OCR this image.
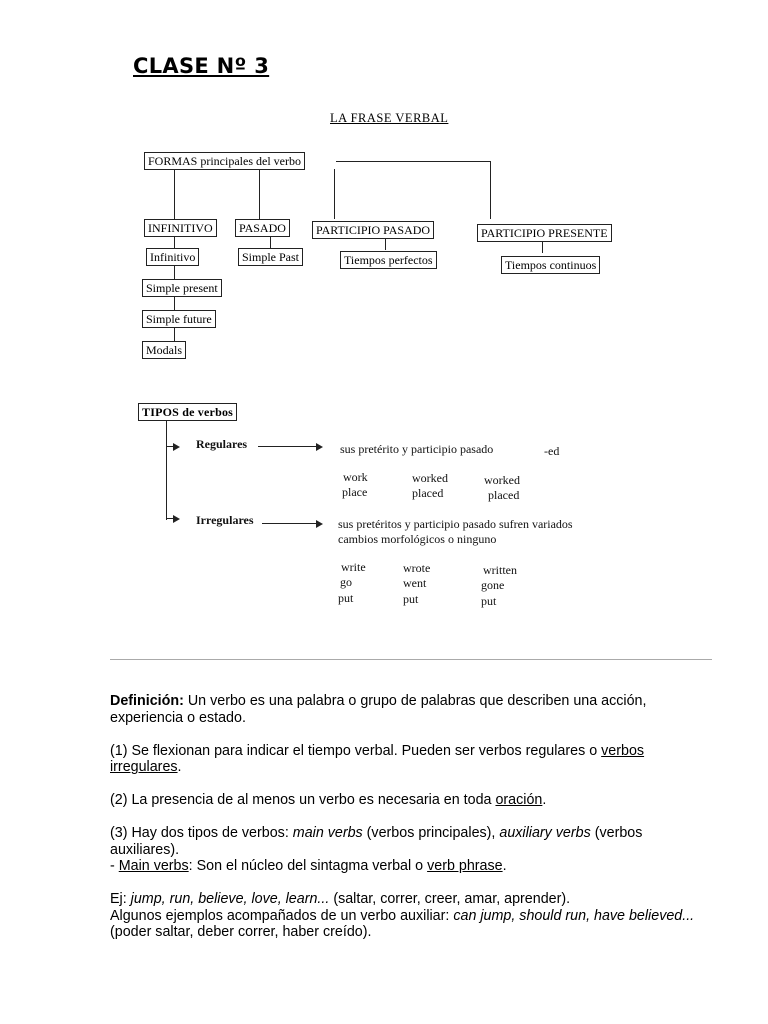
CLASE Nº 3
LA FRASE VERBAL
FORMAS principales del verbo
INFINITIVO	PASADO	PARTICIPIO PASADO	PARTICIPIO PRESENTE
Infinitivo
Simple present
Simple future
Modals
Simple Past	Tiempos perfectos	Tiempos continuos
TIPOS de verbos
Regulares	sus pretérito y participio pasado	-ed
work	worked	worked
place	placed	placed
Irregulares	sus pretéritos y participio pasado sufren variados
cambios morfológicos o ninguno
write	wrote	written
go	went	gone
put	put	put

Definición: Un verbo es una palabra o grupo de palabras que describen una acción, experiencia o estado.

(1) Se flexionan para indicar el tiempo verbal. Pueden ser verbos regulares o verbos irregulares.

(2) La presencia de al menos un verbo es necesaria en toda oración.

(3) Hay dos tipos de verbos: main verbs (verbos principales), auxiliary verbs (verbos auxiliares).
- Main verbs: Son el núcleo del sintagma verbal o verb phrase.

Ej: jump, run, believe, love, learn... (saltar, correr, creer, amar, aprender).
Algunos ejemplos acompañados de un verbo auxiliar: can jump, should run, have believed... (poder saltar, deber correr, haber creído).
